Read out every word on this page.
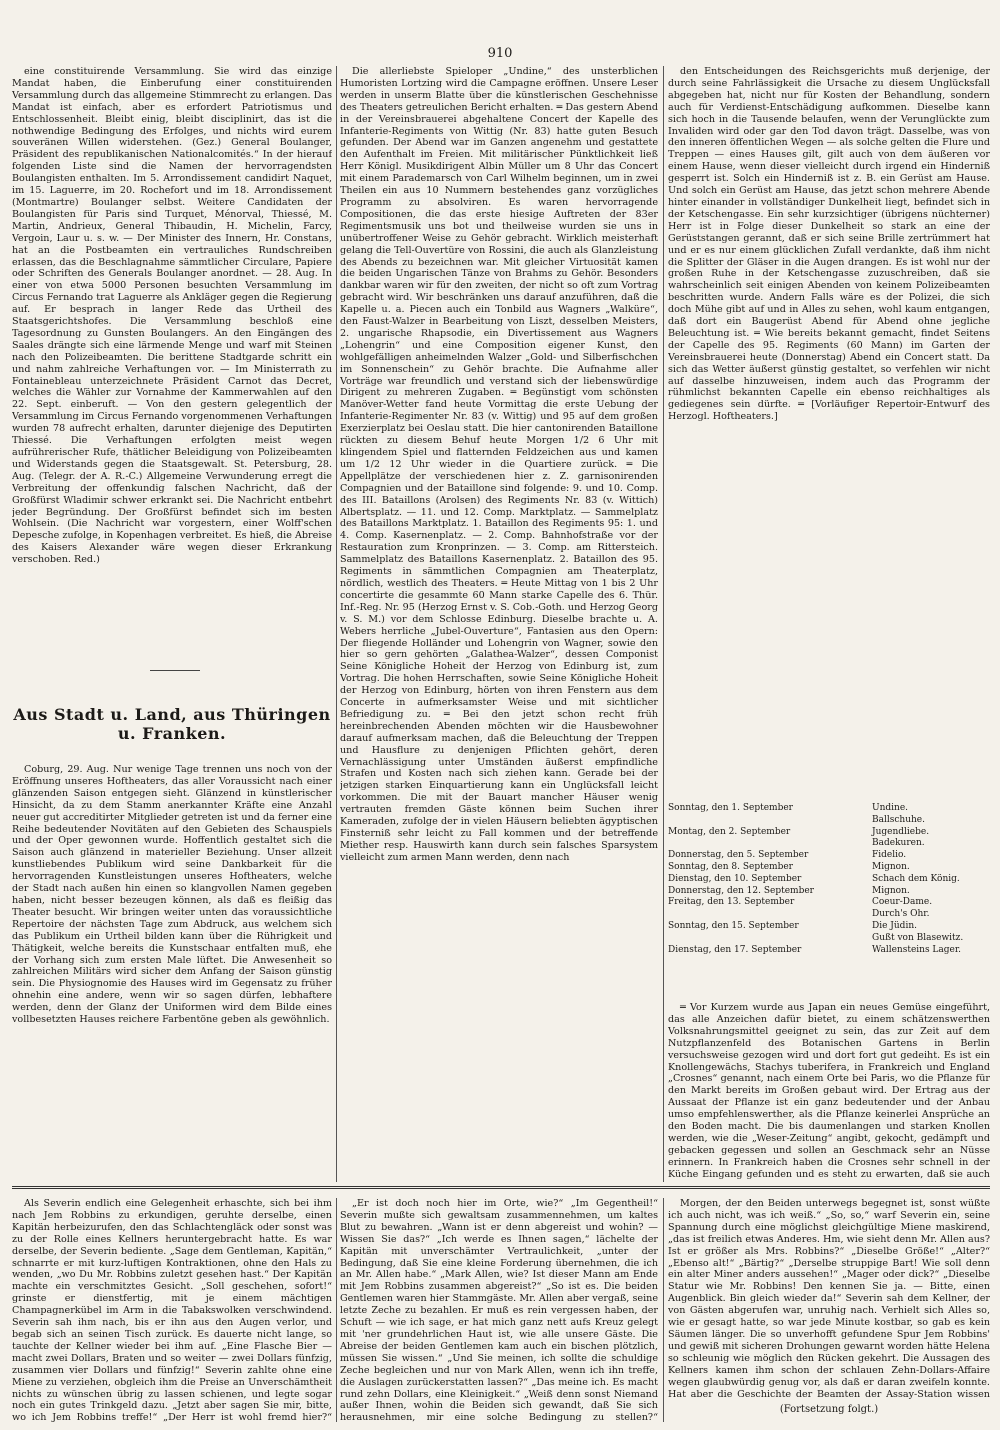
910

eine constituirende Versammlung. Sie wird das einzige Mandat haben, die Einberufung einer constituirenden Versammlung durch das allgemeine Stimmrecht zu erlangen. Das Mandat ist einfach, aber es erfordert Patriotismus und Entschlossenheit. Bleibt einig, bleibt disciplinirt, das ist die nothwendige Bedingung des Erfolges, und nichts wird eurem souveränen Willen widerstehen. (Gez.) General Boulanger, Präsident des republikanischen Nationalcomités.“ In der hierauf folgenden Liste sind die Namen der hervorragendsten Boulangisten enthalten. Im 5. Arrondissement candidirt Naquet, im 15. Laguerre, im 20. Rochefort und im 18. Arrondissement (Montmartre) Boulanger selbst. Weitere Candidaten der Boulangisten für Paris sind Turquet, Ménorval, Thiessé, M. Martin, Andrieux, General Thibaudin, H. Michelin, Farcy, Vergoin, Laur u. s. w. — Der Minister des Innern, Hr. Constans, hat an die Postbeamten ein vertrauliches Rundschreiben erlassen, das die Beschlagnahme sämmtlicher Circulare, Papiere oder Schriften des Generals Boulanger anordnet. — 28. Aug. In einer von etwa 5000 Personen besuchten Versammlung im Circus Fernando trat Laguerre als Ankläger gegen die Regierung auf. Er besprach in langer Rede das Urtheil des Staatsgerichtshofes. Die Versammlung beschloß eine Tagesordnung zu Gunsten Boulangers. An den Eingängen des Saales drängte sich eine lärmende Menge und warf mit Steinen nach den Polizeibeamten. Die berittene Stadtgarde schritt ein und nahm zahlreiche Verhaftungen vor. — Im Ministerrath zu Fontainebleau unterzeichnete Präsident Carnot das Decret, welches die Wähler zur Vornahme der Kammerwahlen auf den 22. Sept. einberuft. — Von den gestern gelegentlich der Versammlung im Circus Fernando vorgenommenen Verhaftungen wurden 78 aufrecht erhalten, darunter diejenige des Deputirten Thiessé. Die Verhaftungen erfolgten meist wegen aufrührerischer Rufe, thätlicher Beleidigung von Polizeibeamten und Widerstands gegen die Staatsgewalt. St. Petersburg, 28. Aug. (Telegr. der A. R.-C.) Allgemeine Verwunderung erregt die Verbreitung der offenkundig falschen Nachricht, daß der Großfürst Wladimir schwer erkrankt sei. Die Nachricht entbehrt jeder Begründung. Der Großfürst befindet sich im besten Wohlsein. (Die Nachricht war vorgestern, einer Wolff'schen Depesche zufolge, in Kopenhagen verbreitet. Es hieß, die Abreise des Kaisers Alexander wäre wegen dieser Erkrankung verschoben. Red.)

Aus Stadt u. Land, aus Thüringen u. Franken.

Coburg, 29. Aug. Nur wenige Tage trennen uns noch von der Eröffnung unseres Hoftheaters, das aller Voraussicht nach einer glänzenden Saison entgegen sieht. Glänzend in künstlerischer Hinsicht, da zu dem Stamm anerkannter Kräfte eine Anzahl neuer gut accreditirter Mitglieder getreten ist und da ferner eine Reihe bedeutender Novitäten auf den Gebieten des Schauspiels und der Oper gewonnen wurde. Hoffentlich gestaltet sich die Saison auch glänzend in materieller Beziehung. Unser allzeit kunstliebendes Publikum wird seine Dankbarkeit für die hervorragenden Kunstleistungen unseres Hoftheaters, welche der Stadt nach außen hin einen so klangvollen Namen gegeben haben, nicht besser bezeugen können, als daß es fleißig das Theater besucht. Wir bringen weiter unten das voraussichtliche Repertoire der nächsten Tage zum Abdruck, aus welchem sich das Publikum ein Urtheil bilden kann über die Rührigkeit und Thätigkeit, welche bereits die Kunstschaar entfalten muß, ehe der Vorhang sich zum ersten Male lüftet. Die Anwesenheit so zahlreichen Militärs wird sicher dem Anfang der Saison günstig sein. Die Physiognomie des Hauses wird im Gegensatz zu früher ohnehin eine andere, wenn wir so sagen dürfen, lebhaftere werden, denn der Glanz der Uniformen wird dem Bilde eines vollbesetzten Hauses reichere Farbentöne geben als gewöhnlich.

Die allerliebste Spieloper „Undine,“ des unsterblichen Humoristen Lortzing wird die Campagne eröffnen. Unsere Leser werden in unserm Blatte über die künstlerischen Geschehnisse des Theaters getreulichen Bericht erhalten. ═ Das gestern Abend in der Vereinsbrauerei abgehaltene Concert der Kapelle des Infanterie-Regiments von Wittig (Nr. 83) hatte guten Besuch gefunden. Der Abend war im Ganzen angenehm und gestattete den Aufenthalt im Freien. Mit militärischer Pünktlichkeit ließ Herr Königl. Musikdirigent Albin Müller um 8 Uhr das Concert mit einem Parademarsch von Carl Wilhelm beginnen, um in zwei Theilen ein aus 10 Nummern bestehendes ganz vorzügliches Programm zu absolviren. Es waren hervorragende Compositionen, die das erste hiesige Auftreten der 83er Regimentsmusik uns bot und theilweise wurden sie uns in unübertroffener Weise zu Gehör gebracht. Wirklich meisterhaft gelang die Tell-Ouvertüre von Rossini, die auch als Glanzleistung des Abends zu bezeichnen war. Mit gleicher Virtuosität kamen die beiden Ungarischen Tänze von Brahms zu Gehör. Besonders dankbar waren wir für den zweiten, der nicht so oft zum Vortrag gebracht wird. Wir beschränken uns darauf anzuführen, daß die Kapelle u. a. Piecen auch ein Tonbild aus Wagners „Walküre“, den Faust-Walzer in Bearbeitung von Liszt, desselben Meisters, 2. ungarische Rhapsodie, ein Divertissement aus Wagners „Lohengrin“ und eine Composition eigener Kunst, den wohlgefälligen anheimelnden Walzer „Gold- und Silberfischchen im Sonnenschein“ zu Gehör brachte. Die Aufnahme aller Vorträge war freundlich und verstand sich der liebenswürdige Dirigent zu mehreren Zugaben. ═ Begünstigt vom schönsten Manöver-Wetter fand heute Vormittag die erste Uebung der Infanterie-Regimenter Nr. 83 (v. Wittig) und 95 auf dem großen Exerzierplatz bei Oeslau statt. Die hier cantonirenden Bataillone rückten zu diesem Behuf heute Morgen 1/2 6 Uhr mit klingendem Spiel und flatternden Feldzeichen aus und kamen um 1/2 12 Uhr wieder in die Quartiere zurück. ═ Die Appellplätze der verschiedenen hier z. Z. garnisonirenden Compagnien und der Bataillone sind folgende: 9. und 10. Comp. des III. Bataillons (Arolsen) des Regiments Nr. 83 (v. Wittich) Albertsplatz. — 11. und 12. Comp. Marktplatz. — Sammelplatz des Bataillons Marktplatz. 1. Bataillon des Regiments 95: 1. und 4. Comp. Kasernenplatz. — 2. Comp. Bahnhofstraße vor der Restauration zum Kronprinzen. — 3. Comp. am Rittersteich. Sammelplatz des Bataillons Kasernenplatz. 2. Bataillon des 95. Regiments in sämmtlichen Compagnien am Theaterplatz, nördlich, westlich des Theaters. ═ Heute Mittag von 1 bis 2 Uhr concertirte die gesammte 60 Mann starke Capelle des 6. Thür. Inf.-Reg. Nr. 95 (Herzog Ernst v. S. Cob.-Goth. und Herzog Georg v. S. M.) vor dem Schlosse Edinburg. Dieselbe brachte u. A. Webers herrliche „Jubel-Ouverture“, Fantasien aus den Opern: Der fliegende Holländer und Lohengrin von Wagner, sowie den hier so gern gehörten „Galathea-Walzer“, dessen Componist Seine Königliche Hoheit der Herzog von Edinburg ist, zum Vortrag. Die hohen Herrschaften, sowie Seine Königliche Hoheit der Herzog von Edinburg, hörten von ihren Fenstern aus dem Concerte in aufmerksamster Weise und mit sichtlicher Befriedigung zu. ═ Bei den jetzt schon recht früh hereinbrechenden Abenden möchten wir die Hausbewohner darauf aufmerksam machen, daß die Beleuchtung der Treppen und Hausflure zu denjenigen Pflichten gehört, deren Vernachlässigung unter Umständen äußerst empfindliche Strafen und Kosten nach sich ziehen kann. Gerade bei der jetzigen starken Einquartierung kann ein Unglücksfall leicht vorkommen. Die mit der Bauart mancher Häuser wenig vertrauten fremden Gäste können beim Suchen ihrer Kameraden, zufolge der in vielen Häusern beliebten ägyptischen Finsterniß sehr leicht zu Fall kommen und der betreffende Miether resp. Hauswirth kann durch sein falsches Sparsystem vielleicht zum armen Mann werden, denn nach

den Entscheidungen des Reichsgerichts muß derjenige, der durch seine Fahrlässigkeit die Ursache zu diesem Unglücksfall abgegeben hat, nicht nur für Kosten der Behandlung, sondern auch für Verdienst-Entschädigung aufkommen. Dieselbe kann sich hoch in die Tausende belaufen, wenn der Verunglückte zum Invaliden wird oder gar den Tod davon trägt. Dasselbe, was von den inneren öffentlichen Wegen — als solche gelten die Flure und Treppen — eines Hauses gilt, gilt auch von dem äußeren vor einem Hause, wenn dieser vielleicht durch irgend ein Hinderniß gesperrt ist. Solch ein Hinderniß ist z. B. ein Gerüst am Hause. Und solch ein Gerüst am Hause, das jetzt schon mehrere Abende hinter einander in vollständiger Dunkelheit liegt, befindet sich in der Ketschengasse. Ein sehr kurzsichtiger (übrigens nüchterner) Herr ist in Folge dieser Dunkelheit so stark an eine der Gerüststangen gerannt, daß er sich seine Brille zertrümmert hat und er es nur einem glücklichen Zufall verdankte, daß ihm nicht die Splitter der Gläser in die Augen drangen. Es ist wohl nur der großen Ruhe in der Ketschengasse zuzuschreiben, daß sie wahrscheinlich seit einigen Abenden von keinem Polizeibeamten beschritten wurde. Andern Falls wäre es der Polizei, die sich doch Mühe gibt auf und in Alles zu sehen, wohl kaum entgangen, daß dort ein Baugerüst Abend für Abend ohne jegliche Beleuchtung ist. ═ Wie bereits bekannt gemacht, findet Seitens der Capelle des 95. Regiments (60 Mann) im Garten der Vereinsbrauerei heute (Donnerstag) Abend ein Concert statt. Da sich das Wetter äußerst günstig gestaltet, so verfehlen wir nicht auf dasselbe hinzuweisen, indem auch das Programm der rühmlichst bekannten Capelle ein ebenso reichhaltiges als gediegenes sein dürfte. ═ [Vorläufiger Repertoir-Entwurf des Herzogl. Hoftheaters.]

Sonntag, den 1. September	Undine.
Ballschuhe.
Montag, den 2. September	Jugendliebe.
Badekuren.
Donnerstag, den 5. September	Fidelio.
Sonntag, den 8. September	Mignon.
Dienstag, den 10. September	Schach dem König.
Donnerstag, den 12. September	Mignon.
Freitag, den 13. September	Coeur-Dame.
Durch's Ohr.
Sonntag, den 15. September	Die Jüdin.
Gußt von Blasewitz.
Dienstag, den 17. September	Wallensteins Lager.

═ Vor Kurzem wurde aus Japan ein neues Gemüse eingeführt, das alle Anzeichen dafür bietet, zu einem schätzenswerthen Volksnahrungsmittel geeignet zu sein, das zur Zeit auf dem Nutzpflanzenfeld des Botanischen Gartens in Berlin versuchsweise gezogen wird und dort fort gut gedeiht. Es ist ein Knollengewächs, Stachys tuberifera, in Frankreich und England „Crosnes“ genannt, nach einem Orte bei Paris, wo die Pflanze für den Markt bereits im Großen gebaut wird. Der Ertrag aus der Aussaat der Pflanze ist ein ganz bedeutender und der Anbau umso empfehlenswerther, als die Pflanze keinerlei Ansprüche an den Boden macht. Die bis daumenlangen und starken Knollen werden, wie die „Weser-Zeitung“ angibt, gekocht, gedämpft und gebacken gegessen und sollen an Geschmack sehr an Nüsse erinnern. In Frankreich haben die Crosnes sehr schnell in der Küche Eingang gefunden und es steht zu erwarten, daß sie auch

Als Severin endlich eine Gelegenheit erhaschte, sich bei ihm nach Jem Robbins zu erkundigen, geruhte derselbe, einen Kapitän herbeizurufen, den das Schlachtengläck oder sonst was zu der Rolle eines Kellners heruntergebracht hatte. Es war derselbe, der Severin bediente. „Sage dem Gentleman, Kapitän,“ schnarrte er mit kurz-luftigen Kontraktionen, ohne den Hals zu wenden, „wo Du Mr. Robbins zuletzt gesehen hast.“ Der Kapitän machte ein verschmitztes Gesicht. „Soll geschehen, sofort!“ grinste er dienstfertig, mit je einem mächtigen Champagnerkübel im Arm in die Tabakswolken verschwindend. Severin sah ihm nach, bis er ihn aus den Augen verlor, und begab sich an seinen Tisch zurück. Es dauerte nicht lange, so tauchte der Kellner wieder bei ihm auf. „Eine Flasche Bier — macht zwei Dollars, Braten und so weiter — zwei Dollars fünfzig, zusammen vier Dollars und fünfzig!“ Severin zahlte ohne eine Miene zu verziehen, obgleich ihm die Preise an Unverschämtheit nichts zu wünschen übrig zu lassen schienen, und legte sogar noch ein gutes Trinkgeld dazu. „Jetzt aber sagen Sie mir, bitte, wo ich Jem Robbins treffe!“ „Der Herr ist wohl fremd hier?“

„Er ist doch noch hier im Orte, wie?“ „Im Gegentheil!“ Severin mußte sich gewaltsam zusammennehmen, um kaltes Blut zu bewahren. „Wann ist er denn abgereist und wohin? — Wissen Sie das?“ „Ich werde es Ihnen sagen,“ lächelte der Kapitän mit unverschämter Vertraulichkeit, „unter der Bedingung, daß Sie eine kleine Forderung übernehmen, die ich an Mr. Allen habe.“ „Mark Allen, wie? Ist dieser Mann am Ende mit Jem Robbins zusammen abgereist?“ „So ist es. Die beiden Gentlemen waren hier Stammgäste. Mr. Allen aber vergaß, seine letzte Zeche zu bezahlen. Er muß es rein vergessen haben, der Schuft — wie ich sage, er hat mich ganz nett aufs Kreuz gelegt mit 'ner grundehrlichen Haut ist, wie alle unsere Gäste. Die Abreise der beiden Gentlemen kam auch ein bischen plötzlich, müssen Sie wissen.“ „Und Sie meinen, ich sollte die schuldige Zeche begleichen und nur von Mark Allen, wenn ich ihn treffe, die Auslagen zurückerstatten lassen?“ „Das meine ich. Es macht rund zehn Dollars, eine Kleinigkeit.“ „Weiß denn sonst Niemand außer Ihnen, wohin die Beiden sich gewandt, daß Sie sich herausnehmen, mir eine solche Bedingung zu stellen?“

Morgen, der den Beiden unterwegs begegnet ist, sonst wüßte ich auch nicht, was ich weiß.“ „So, so,“ warf Severin ein, seine Spannung durch eine möglichst gleichgültige Miene maskirend, „das ist freilich etwas Anderes. Hm, wie sieht denn Mr. Allen aus? Ist er größer als Mrs. Robbins?“ „Dieselbe Größe!“ „Alter?“ „Ebenso alt!“ „Bärtig?“ „Derselbe struppige Bart! Wie soll denn ein alter Miner anders aussehen!“ „Mager oder dick?“ „Dieselbe Statur wie Mr. Robbins! Den kennen Sie ja. — Bitte, einen Augenblick. Bin gleich wieder da!“ Severin sah dem Kellner, der von Gästen abgerufen war, unruhig nach. Verhielt sich Alles so, wie er gesagt hatte, so war jede Minute kostbar, so gab es kein Säumen länger. Die so unverhofft gefundene Spur Jem Robbins' und gewiß mit sicheren Drohungen gewarnt worden hätte Helena so schleunig wie möglich den Rücken gekehrt. Die Aussagen des Kellners kamen ihm schon der schlauen Zehn-Dollars-Affaire wegen glaubwürdig genug vor, als daß er daran zweifeln konnte. Hat aber die Geschichte der Beamten der Assay-Station wissen

(Fortsetzung folgt.)
